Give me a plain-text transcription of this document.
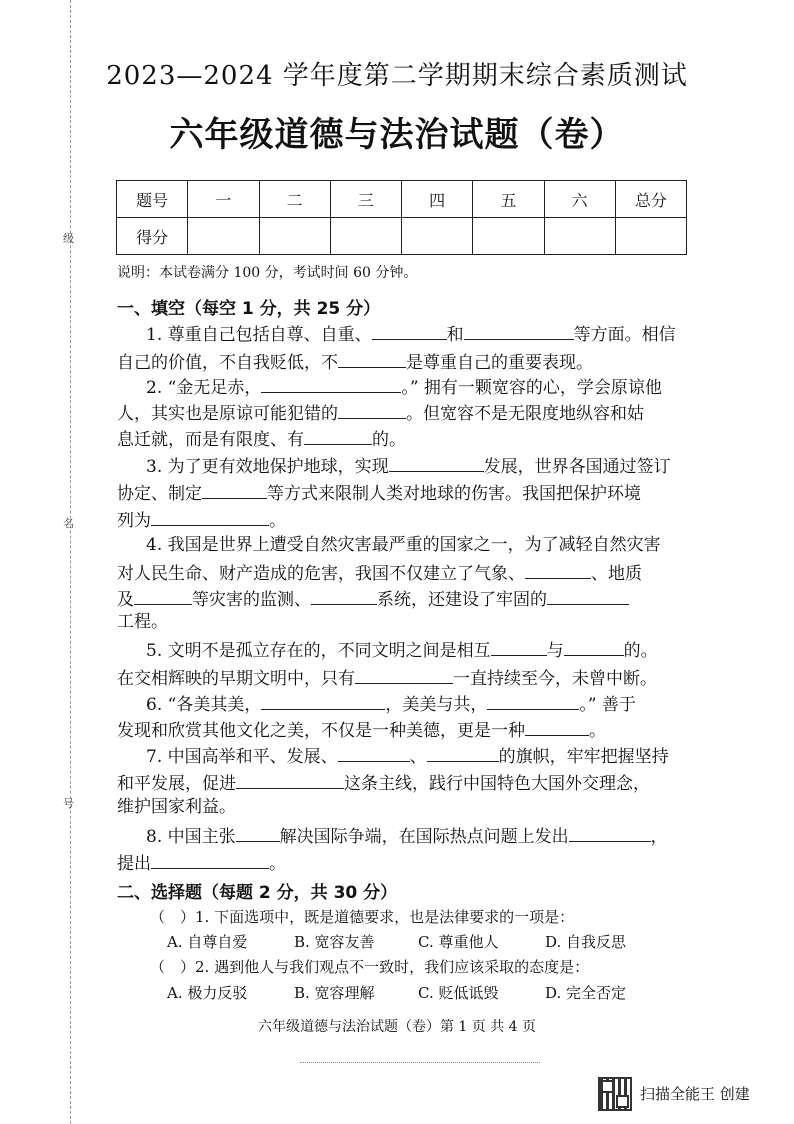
级
名
号
2023—2024 学年度第二学期期末综合素质测试
六年级道德与法治试题（卷）
题号	一	二	三	四	五	六	总分
得分							
说明：本试卷满分 100 分，考试时间 60 分钟。
一、填空（每空 1 分，共 25 分）
1. 尊重自己包括自尊、自重、	和	等方面。相信
自己的价值，不自我贬低，不	是尊重自己的重要表现。
2. “金无足赤，	。” 拥有一颗宽容的心，学会原谅他
人，其实也是原谅可能犯错的	。但宽容不是无限度地纵容和姑
息迁就，而是有限度、有	的。
3. 为了更有效地保护地球，实现	发展，世界各国通过签订
协定、制定	等方式来限制人类对地球的伤害。我国把保护环境
列为	。
4. 我国是世界上遭受自然灾害最严重的国家之一，为了减轻自然灾害
对人民生命、财产造成的危害，我国不仅建立了气象、	、地质
及	等灾害的监测、	系统，还建设了牢固的
工程。
5. 文明不是孤立存在的，不同文明之间是相互	与	的。
在交相辉映的早期文明中，只有	一直持续至今，未曾中断。
6. “各美其美，	，美美与共，	。” 善于
发现和欣赏其他文化之美，不仅是一种美德，更是一种	。
7. 中国高举和平、发展、	、	的旗帜，牢牢把握坚持
和平发展，促进	这条主线，践行中国特色大国外交理念，
维护国家利益。
8. 中国主张	解决国际争端，在国际热点问题上发出	，
提出	。
二、选择题（每题 2 分，共 30 分）
（　）1. 下面选项中，既是道德要求，也是法律要求的一项是：
A. 自尊自爱	B. 宽容友善	C. 尊重他人	D. 自我反思
（　）2. 遇到他人与我们观点不一致时，我们应该采取的态度是：
A. 极力反驳	B. 宽容理解	C. 贬低诋毁	D. 完全否定
六年级道德与法治试题（卷）第 1 页 共 4 页
扫描全能王 创建
